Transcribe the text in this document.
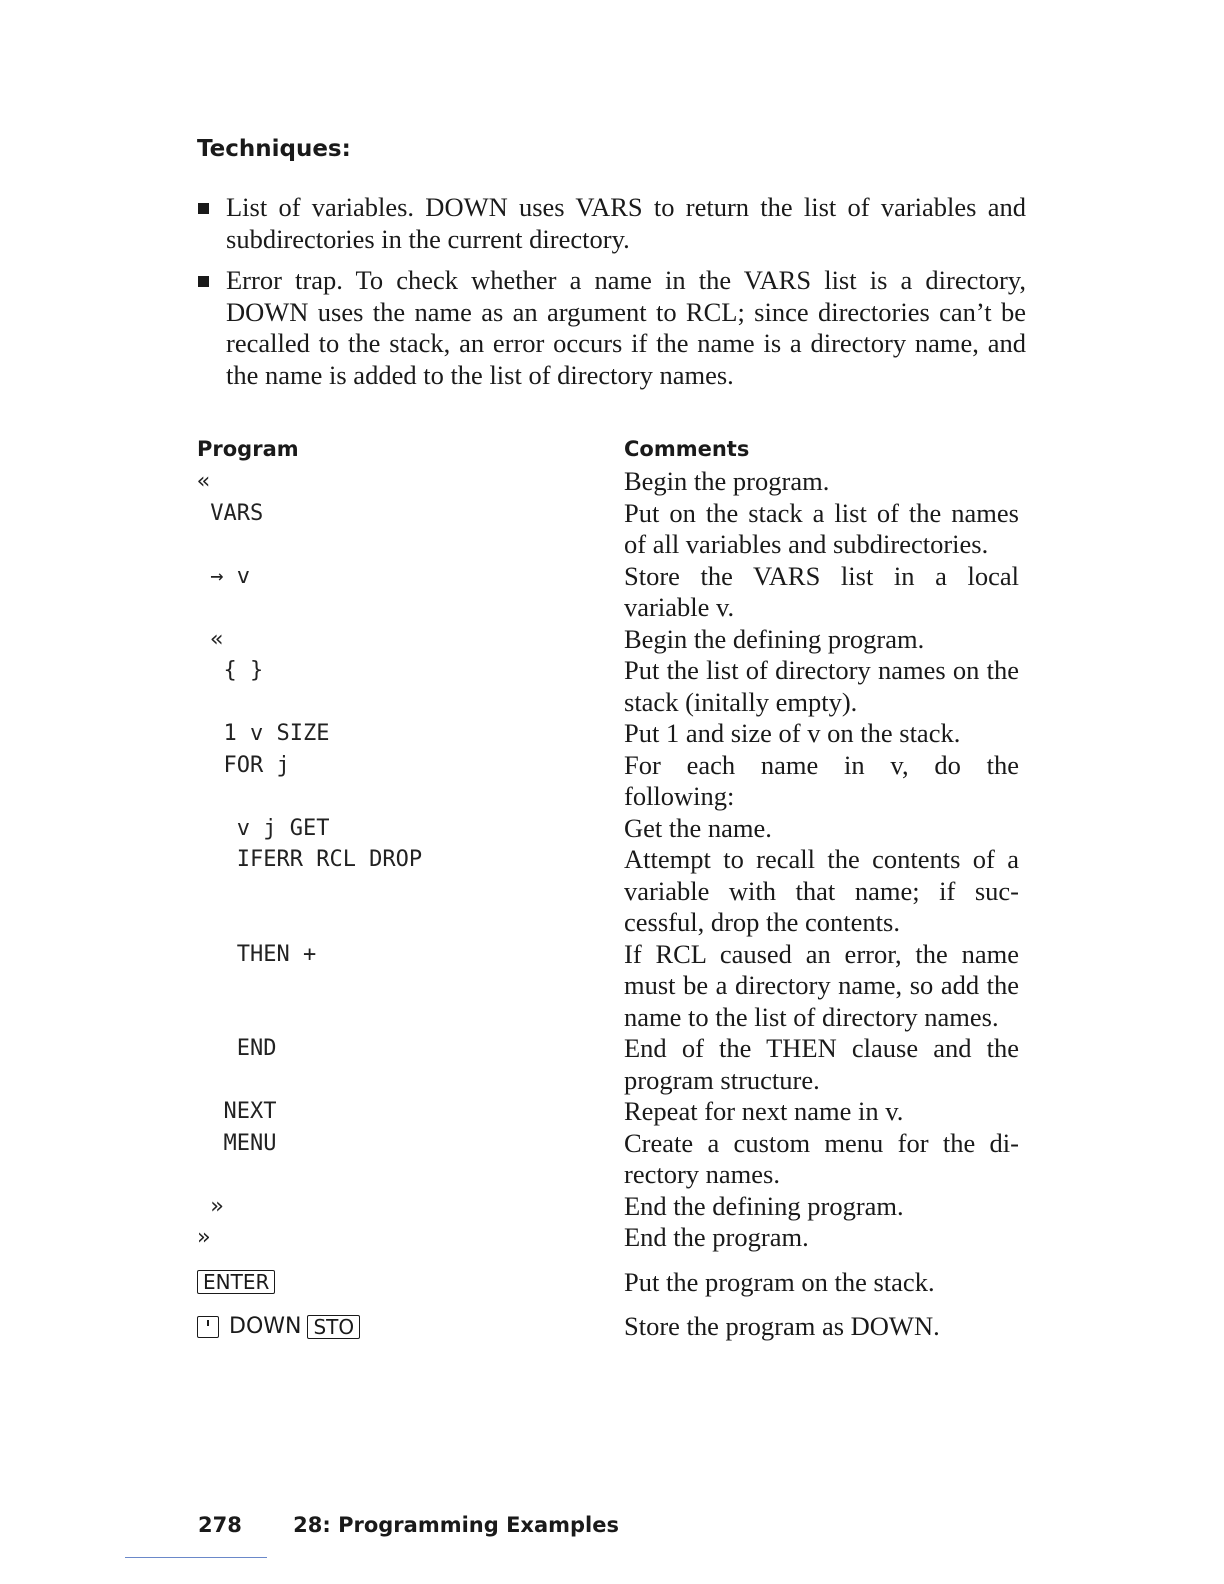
Techniques:
List of variables. DOWN uses VARS to return the list of variables and subdirectories in the current directory.
Error trap. To check whether a name in the VARS list is a directory, DOWN uses the name as an argument to RCL; since directories can’t be recalled to the stack, an error occurs if the name is a directory name, and the name is added to the list of directory names.
Program	Comments
«	Begin the program.
VARS	Put on the stack a list of the names of all variables and subdirectories.
→ v	Store the VARS list in a local variable v.
«	Begin the defining program.
{ }	Put the list of directory names on the stack (initally empty).
1 v SIZE	Put 1 and size of v on the stack.
FOR j	For each name in v, do the following:
v j GET	Get the name.
IFERR RCL DROP	Attempt to recall the contents of a variable with that name; if successful, drop the contents.
THEN +	If RCL caused an error, the name must be a directory name, so add the name to the list of directory names.
END	End of the THEN clause and the program structure.
NEXT	Repeat for next name in v.
MENU	Create a custom menu for the directory names.
»	End the defining program.
»	End the program.
ENTER	Put the program on the stack.
DOWN STO	Store the program as DOWN.
278 28: Programming Examples
